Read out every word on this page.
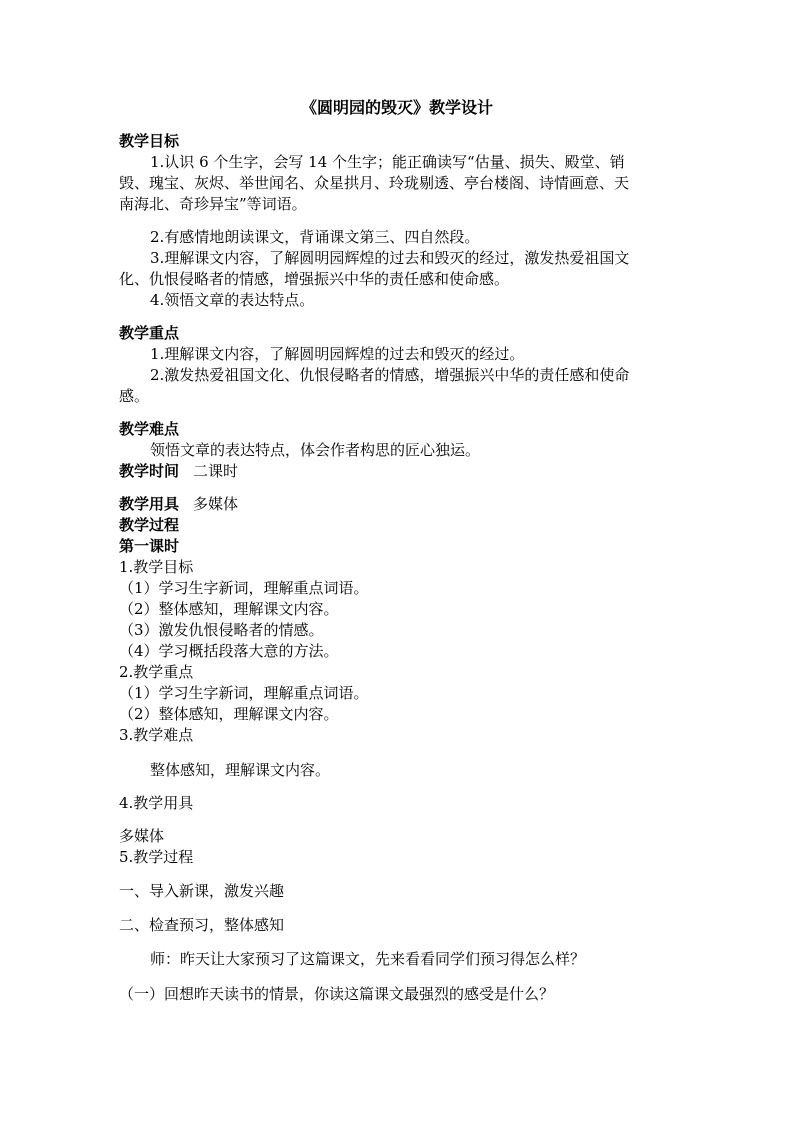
《圆明园的毁灭》教学设计
教学目标
1.认识 6 个生字，会写 14 个生字；能正确读写“估量、损失、殿堂、销
毁、瑰宝、灰烬、举世闻名、众星拱月、玲珑剔透、亭台楼阁、诗情画意、天
南海北、奇珍异宝”等词语。
2.有感情地朗读课文，背诵课文第三、四自然段。
3.理解课文内容，了解圆明园辉煌的过去和毁灭的经过，激发热爱祖国文
化、仇恨侵略者的情感，增强振兴中华的责任感和使命感。
4.领悟文章的表达特点。
教学重点
1.理解课文内容，了解圆明园辉煌的过去和毁灭的经过。
2.激发热爱祖国文化、仇恨侵略者的情感，增强振兴中华的责任感和使命
感。
教学难点
领悟文章的表达特点，体会作者构思的匠心独运。
教学时间 二课时
教学用具 多媒体
教学过程
第一课时
1.教学目标
（1）学习生字新词，理解重点词语。
（2）整体感知，理解课文内容。
（3）激发仇恨侵略者的情感。
（4）学习概括段落大意的方法。
2.教学重点
（1）学习生字新词，理解重点词语。
（2）整体感知，理解课文内容。
3.教学难点
整体感知，理解课文内容。
4.教学用具
多媒体
5.教学过程
一、导入新课，激发兴趣
二、检查预习，整体感知
师：昨天让大家预习了这篇课文，先来看看同学们预习得怎么样？
（一）回想昨天读书的情景，你读这篇课文最强烈的感受是什么？
